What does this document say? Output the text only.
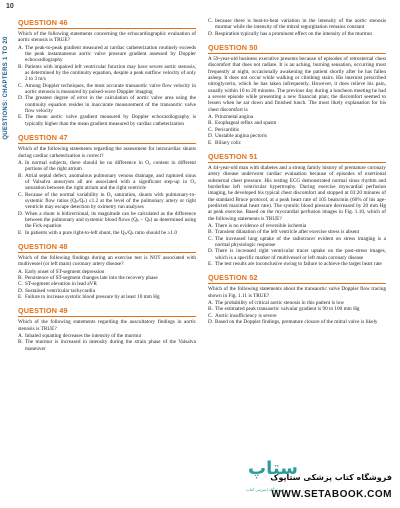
10
QUESTIONS: CHAPTERS 1 TO 20
QUESTION 46

Which of the following statements concerning the echocardiographic evaluation of aortic stenosis is TRUE?

A. The peak-to-peak gradient measured at cardiac catheterization routinely exceeds the peak instantaneous aortic valve pressure gradient assessed by Doppler echocardiography
B. Patients with impaired left ventricular function may have severe aortic stenosis, as determined by the continuity equation, despite a peak outflow velocity of only 2 to 3 m/s
C. Among Doppler techniques, the most accurate transaortic valve flow velocity in aortic stenosis is measured by pulsed-wave Doppler imaging
D. The greatest degree of error in the calculation of aortic valve area using the continuity equation resides in inaccurate measurement of the transaortic valve flow velocity
E. The mean aortic valve gradient measured by Doppler echocardiography is typically higher than the mean gradient measured by cardiac catheterization
QUESTION 47

Which of the following statements regarding the assessment for intracardiac shunts during cardiac catheterization is correct?

A. In normal subjects, there should be no difference in O₂ content in different portions of the right atrium
B. Atrial septal defect, anomalous pulmonary venous drainage, and ruptured sinus of Valsalva aneurysm all are associated with a significant step-up in O₂ saturation between the right atrium and the right ventricle
C. Because of the normal variability in O₂ saturation, shunts with pulmonary-to-systemic flow ratios (Qₚ/Qₛ) ≤1.2 at the level of the pulmonary artery or right ventricle may escape detection by oximetry run analyses
D. When a shunt is bidirectional, its magnitude can be calculated as the difference between the pulmonary and systemic blood flows (Qₚ − Qₛ) as determined using the Fick equation
E. In patients with a pure right-to-left shunt, the Qₚ/Qₛ ratio should be ≥1.0
QUESTION 48

Which of the following findings during an exercise test is NOT associated with multivessel (or left main) coronary artery disease?

A. Early onset of ST-segment depression
B. Persistence of ST-segment changes late into the recovery phase
C. ST-segment elevation in lead aVR
D. Sustained ventricular tachycardia
E. Failure to increase systolic blood pressure by at least 10 mm Hg
QUESTION 49

Which of the following statements regarding the auscultatory findings in aortic stenosis is TRUE?

A. Inhaled squatting decreases the intensity of the murmur
B. The murmur is increased in intensity during the strain phase of the Valsalva maneuver
C. because there is beat-to-beat variation in the intensity of the aortic stenosis murmur while the intensity of the mitral regurgitation remains constant
D. Respiration typically has a prominent effect on the intensity of the murmur
QUESTION 50

A 59-year-old business executive presents because of episodes of retrosternal chest discomfort that does not radiate. It is an aching, burning sensation, occurring most frequently at night, occasionally awakening the patient shortly after he has fallen asleep. It does not occur while walking or climbing stairs. His internist prescribed nitroglycerin, which he has taken infrequently. However, it does relieve his pain, usually within 10 to 20 minutes. The previous day during a luncheon meeting he had a severe episode while presenting a new financial plan; the discomfort seemed to lessen when he sat down and finished lunch. The most likely explanation for his chest discomfort is

A. Prinzmetal angina
B. Esophageal reflux and spasm
C. Pericarditis
D. Unstable angina pectoris
E. Biliary colic
QUESTION 51

A 44-year-old man with diabetes and a strong family history of premature coronary artery disease underwent cardiac evaluation because of episodes of exertional substernal chest pressure. His resting ECG demonstrated normal sinus rhythm and borderline left ventricular hypertrophy. During exercise myocardial perfusion imaging, he developed his typical chest discomfort and stopped at 03:20 minutes of the standard Bruce protocol, at a peak heart rate of 105 beats/min (60% of his age-predicted maximal heart rate). The systolic blood pressure decreased by 20 mm Hg at peak exercise. Based on the myocardial perfusion images in Fig. 1.10, which of the following statements is TRUE?

A. There is no evidence of reversible ischemia
B. Transient dilatation of the left ventricle after exercise stress is absent
C. The increased lung uptake of the radiotracer evident on stress imaging is a normal physiologic response
D. There is increased right ventricular tracer uptake on the post-stress images, which is a specific marker of multivessel or left main coronary disease
E. The test results are inconclusive owing to failure to achieve the target heart rate
QUESTION 52

Which of the following statements about the transaortic valve Doppler flow tracing shown in Fig. 1.11 is TRUE?

A. The probability of critical aortic stenosis in this patient is low
B. The estimated peak transaortic valvular gradient is 90 to 100 mm Hg
C. Aortic insufficiency is severe
D. Based on the Doppler findings, premature closure of the mitral valve is likely
ستاپ
فروشگاه اینترنتی کتاب
فروشگاه کتاب پزشکی ستاپوک
WWW.SETABOOK.COM
